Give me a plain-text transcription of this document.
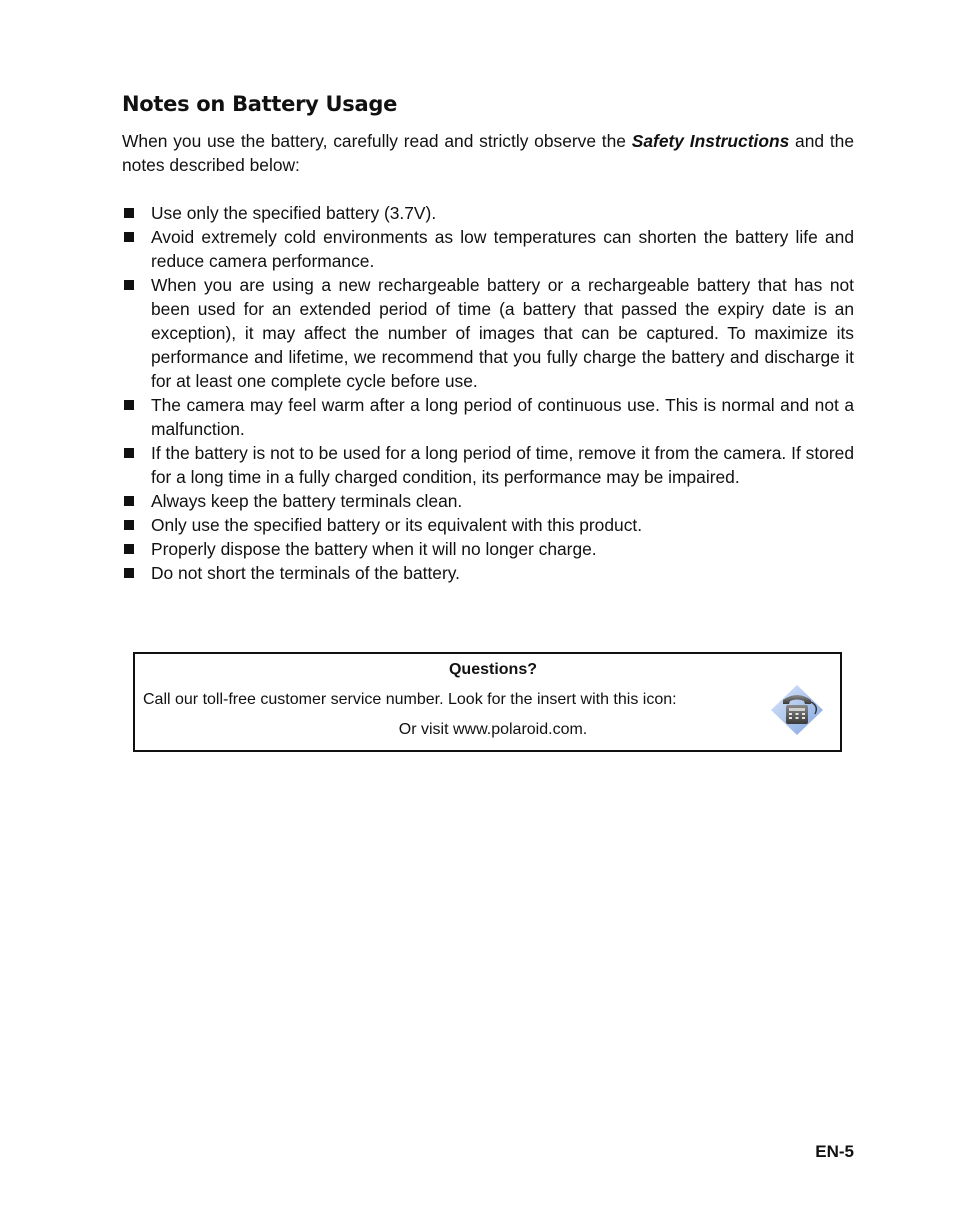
Notes on Battery Usage

When you use the battery, carefully read and strictly observe the Safety Instructions and the notes described below:

Use only the specified battery (3.7V).
Avoid extremely cold environments as low temperatures can shorten the battery life and reduce camera performance.
When you are using a new rechargeable battery or a rechargeable battery that has not been used for an extended period of time (a battery that passed the expiry date is an exception), it may affect the number of images that can be captured. To maximize its performance and lifetime, we recommend that you fully charge the battery and discharge it for at least one complete cycle before use.
The camera may feel warm after a long period of continuous use. This is normal and not a malfunction.
If the battery is not to be used for a long period of time, remove it from the camera. If stored for a long time in a fully charged condition, its performance may be impaired.
Always keep the battery terminals clean.
Only use the specified battery or its equivalent with this product.
Properly dispose the battery when it will no longer charge.
Do not short the terminals of the battery.

Questions?

Call our toll-free customer service number. Look for the insert with this icon:

Or visit www.polaroid.com.

EN-5
